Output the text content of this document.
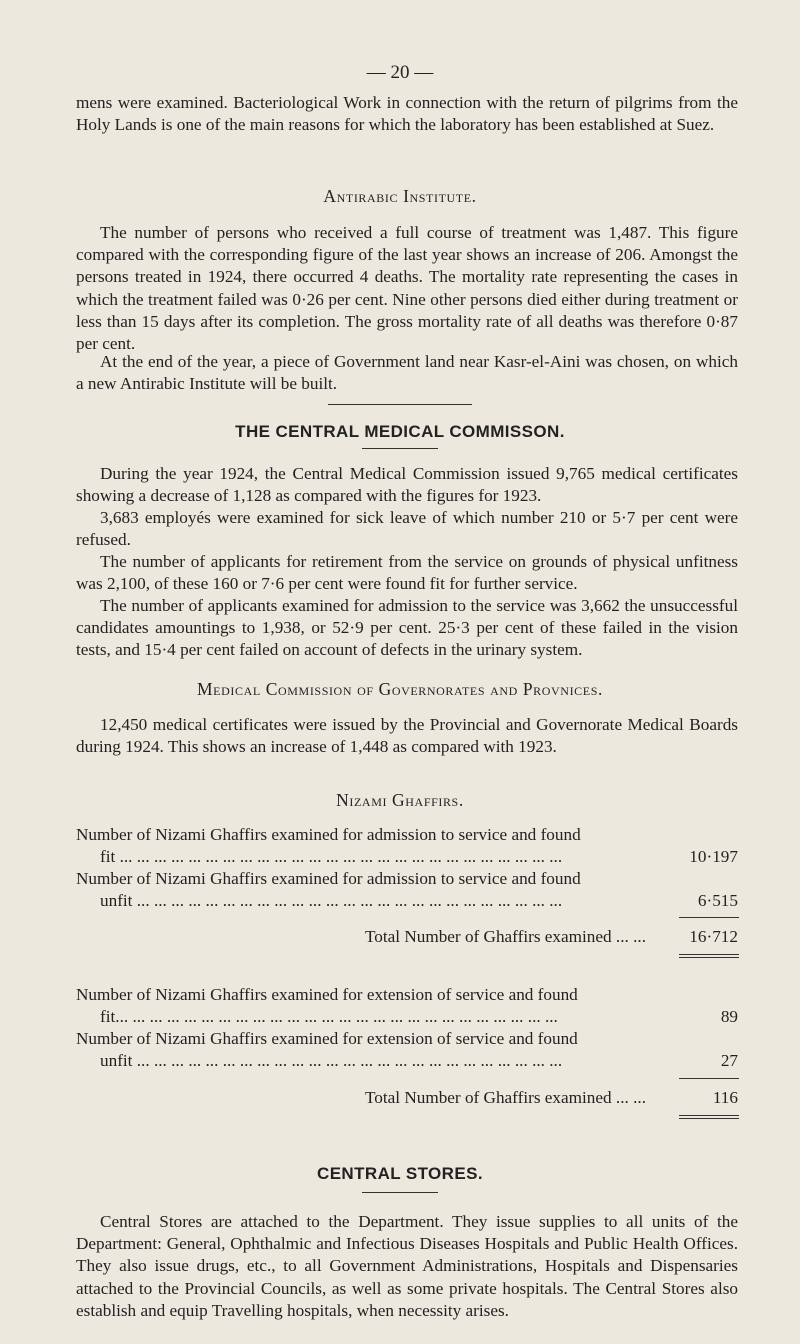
— 20 —

mens were examined. Bacteriological Work in connection with the return of pilgrims from the Holy Lands is one of the main reasons for which the laboratory has been established at Suez.

Antirabic Institute.

The number of persons who received a full course of treatment was 1,487. This figure compared with the corresponding figure of the last year shows an increase of 206. Amongst the persons treated in 1924, there occurred 4 deaths. The mortality rate representing the cases in which the treatment failed was 0·26 per cent. Nine other persons died either during treatment or less than 15 days after its completion. The gross mortality rate of all deaths was therefore 0·87 per cent.

At the end of the year, a piece of Government land near Kasr-el-Aini was chosen, on which a new Antirabic Institute will be built.

THE CENTRAL MEDICAL COMMISSON.

During the year 1924, the Central Medical Commission issued 9,765 medical certificates showing a decrease of 1,128 as compared with the figures for 1923.

3,683 employés were examined for sick leave of which number 210 or 5·7 per cent were refused.

The number of applicants for retirement from the service on grounds of physical unfitness was 2,100, of these 160 or 7·6 per cent were found fit for further service.

The number of applicants examined for admission to the service was 3,662 the unsuccessful candidates amountings to 1,938, or 52·9 per cent. 25·3 per cent of these failed in the vision tests, and 15·4 per cent failed on account of defects in the urinary system.

Medical Commission of Governorates and Provnices.

12,450 medical certificates were issued by the Provincial and Governorate Medical Boards during 1924. This shows an increase of 1,448 as compared with 1923.

Nizami Ghaffirs.

Number of Nizami Ghaffirs examined for admission to service and found
fit ... ... ... ... ... ... ... ... ... ... ... ... ... ... ... ... ... ... ... ... ... ... ... ... ... ...	10·197
Number of Nizami Ghaffirs examined for admission to service and found
unfit ... ... ... ... ... ... ... ... ... ... ... ... ... ... ... ... ... ... ... ... ... ... ... ... ...	6·515
Total Number of Ghaffirs examined ... ...	16·712
Number of Nizami Ghaffirs examined for extension of service and found
fit... ... ... ... ... ... ... ... ... ... ... ... ... ... ... ... ... ... ... ... ... ... ... ... ... ...	89
Number of Nizami Ghaffirs examined for extension of service and found
unfit ... ... ... ... ... ... ... ... ... ... ... ... ... ... ... ... ... ... ... ... ... ... ... ... ...	27
Total Number of Ghaffirs examined ... ...	116

CENTRAL STORES.

Central Stores are attached to the Department. They issue supplies to all units of the Department: General, Ophthalmic and Infectious Diseases Hospitals and Public Health Offices. They also issue drugs, etc., to all Government Administrations, Hospitals and Dispensaries attached to the Provincial Councils, as well as some private hospitals. The Central Stores also establish and equip Travelling hospitals, when necessity arises.
